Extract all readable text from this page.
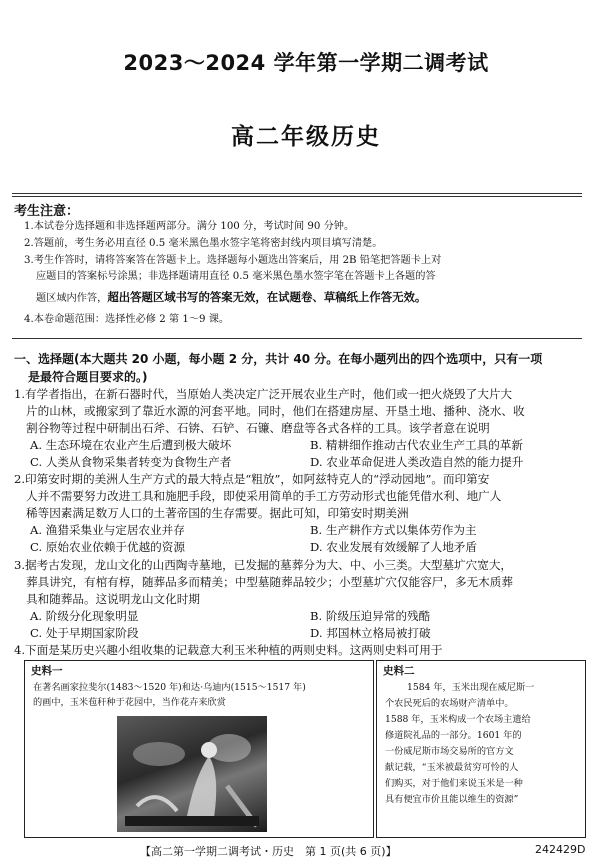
2023～2024 学年第一学期二调考试
高二年级历史
考生注意：
1.本试卷分选择题和非选择题两部分。满分 100 分，考试时间 90 分钟。
2.答题前，考生务必用直径 0.5 毫米黑色墨水签字笔将密封线内项目填写清楚。
3.考生作答时，请将答案答在答题卡上。选择题每小题选出答案后，用 2B 铅笔把答题卡上对
应题目的答案标号涂黑；非选择题请用直径 0.5 毫米黑色墨水签字笔在答题卡上各题的答
题区域内作答，超出答题区域书写的答案无效，在试题卷、草稿纸上作答无效。
4.本卷命题范围：选择性必修 2 第 1～9 课。
一、选择题(本大题共 20 小题，每小题 2 分，共计 40 分。在每小题列出的四个选项中，只有一项
是最符合题目要求的。)
1.有学者指出，在新石器时代，当原始人类决定广泛开展农业生产时，他们或一把火烧毁了大片大
片的山林，或搬家到了靠近水源的河套平地。同时，他们在搭建房屋、开垦土地、播种、浇水、收
割谷物等过程中研制出石斧、石锛、石铲、石镰、磨盘等各式各样的工具。该学者意在说明
A. 生态环境在农业产生后遭到极大破坏	B. 精耕细作推动古代农业生产工具的革新
C. 人类从食物采集者转变为食物生产者	D. 农业革命促进人类改造自然的能力提升
2.印第安时期的美洲人生产方式的最大特点是“粗放”，如阿兹特克人的“浮动园地”。而印第安
人并不需要努力改进工具和施肥手段，即使采用简单的手工方劳动形式也能凭借水利、地广人
稀等因素满足数万人口的土著帝国的生存需要。据此可知，印第安时期美洲
A. 渔猎采集业与定居农业并存	B. 生产耕作方式以集体劳作为主
C. 原始农业依赖于优越的资源	D. 农业发展有效缓解了人地矛盾
3.据考古发现，龙山文化的山西陶寺墓地，已发掘的墓葬分为大、中、小三类。大型墓圹穴宽大，
葬具讲究，有棺有椁，随葬品多而精美；中型墓随葬品较少；小型墓圹穴仅能容尸，多无木质葬
具和随葬品。这说明龙山文化时期
A. 阶级分化现象明显	B. 阶级压迫异常的残酷
C. 处于早期国家阶段	D. 邦国林立格局被打破
4.下面是某历史兴趣小组收集的记载意大利玉米种植的两则史料。这两则史料可用于
史料一
在著名画家拉斐尔(1483～1520 年)和达·乌迪内(1515～1517 年)
的画中，玉米苞秆种于花园中，当作花卉来欣赏
史料二
1584 年，玉米出现在威尼斯一
个农民死后的农场财产清单中。
1588 年，玉米构成一个农场主遗给
修道院礼品的一部分。1601 年的
一份威尼斯市场交易所的官方文
献记载，“玉米被最贫穷可怜的人
们购买，对于他们来说玉米是一种
具有便宜市价且能以维生的资源”
【高二第一学期二调考试・历史　第 1 页(共 6 页)】	242429D
